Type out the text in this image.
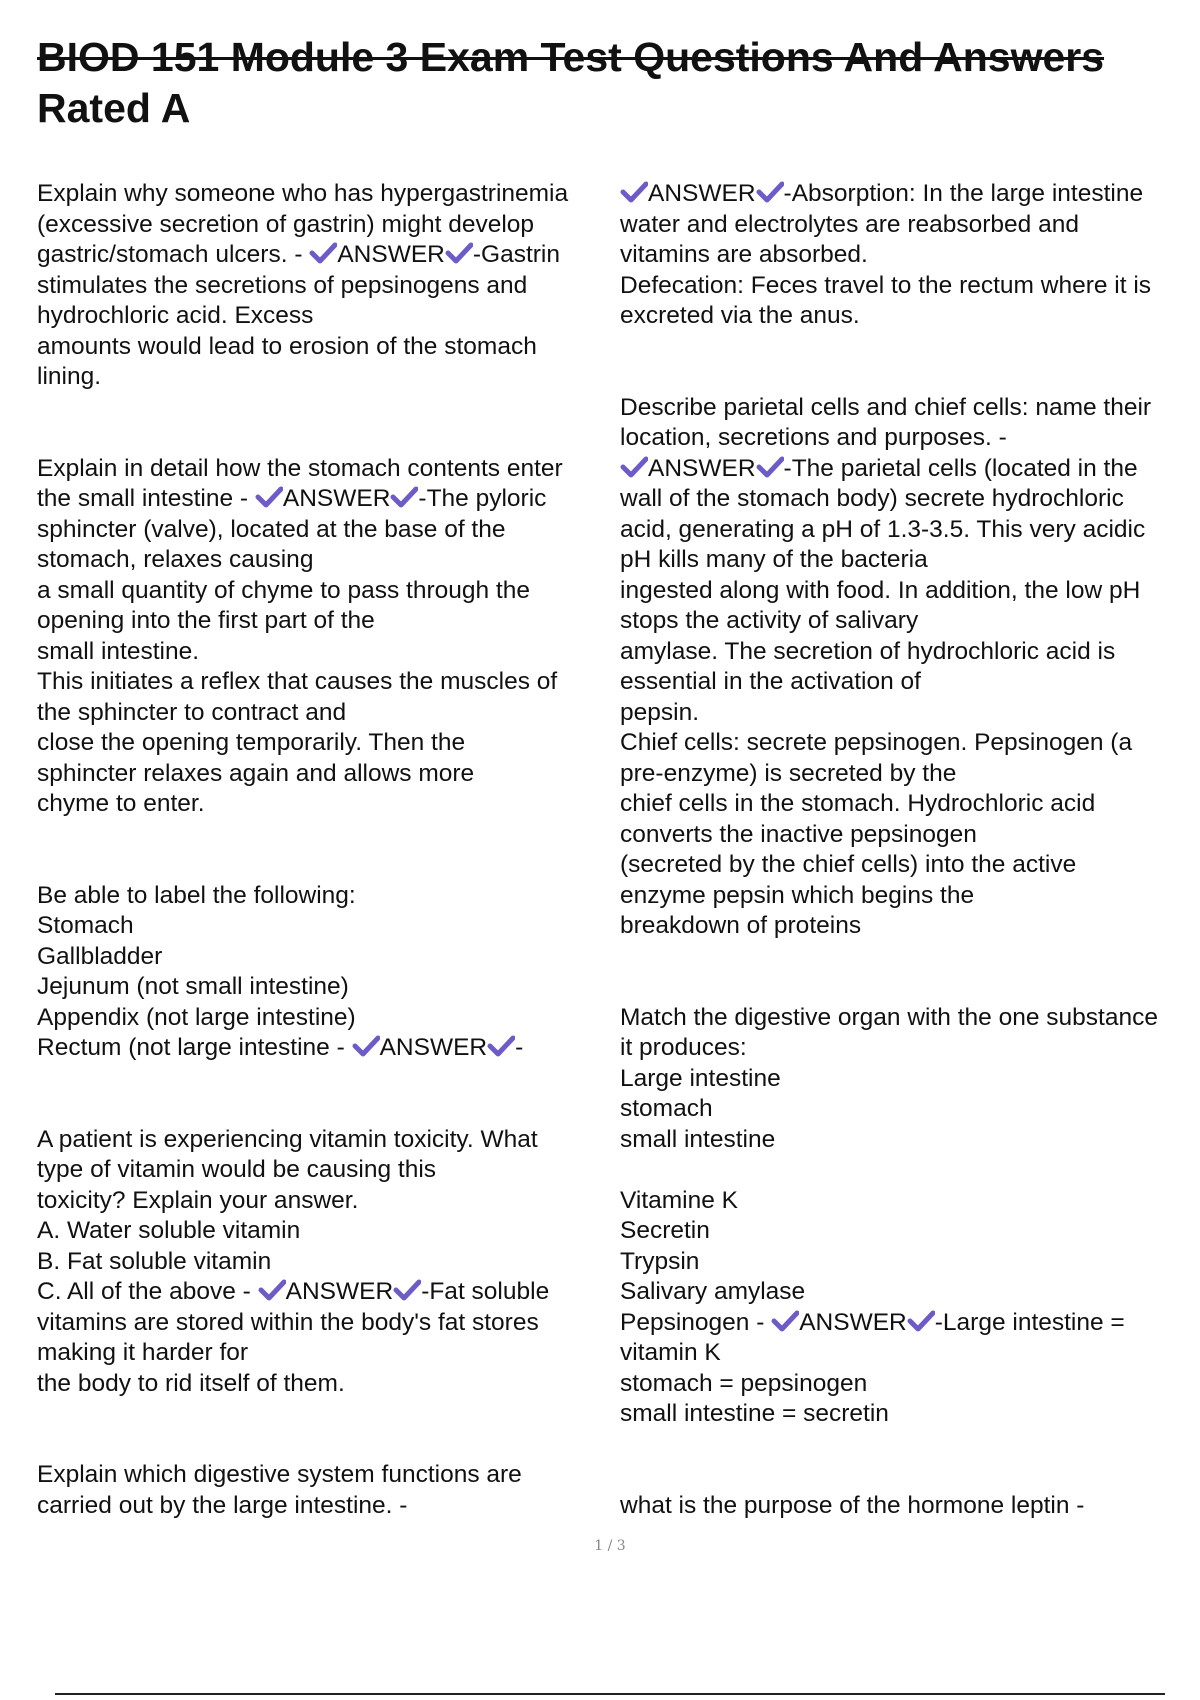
BIOD 151 Module 3 Exam Test Questions And Answers
Rated A
Explain why someone who has hypergastrinemia
(excessive secretion of gastrin) might develop
gastric/stomach ulcers. - ANSWER -Gastrin
stimulates the secretions of pepsinogens and
hydrochloric acid. Excess
amounts would lead to erosion of the stomach
lining.
Explain in detail how the stomach contents enter
the small intestine - ANSWER -The pyloric
sphincter (valve), located at the base of the
stomach, relaxes causing
a small quantity of chyme to pass through the
opening into the first part of the
small intestine.
This initiates a reflex that causes the muscles of
the sphincter to contract and
close the opening temporarily. Then the
sphincter relaxes again and allows more
chyme to enter.
Be able to label the following:
Stomach
Gallbladder
Jejunum (not small intestine)
Appendix (not large intestine)
Rectum (not large intestine - ANSWER -
A patient is experiencing vitamin toxicity. What
type of vitamin would be causing this
toxicity? Explain your answer.
A. Water soluble vitamin
B. Fat soluble vitamin
C. All of the above - ANSWER -Fat soluble
vitamins are stored within the body's fat stores
making it harder for
the body to rid itself of them.
Explain which digestive system functions are
carried out by the large intestine. -
ANSWER -Absorption: In the large intestine
water and electrolytes are reabsorbed and
vitamins are absorbed.
Defecation: Feces travel to the rectum where it is
excreted via the anus.
Describe parietal cells and chief cells: name their
location, secretions and purposes. -
ANSWER -The parietal cells (located in the
wall of the stomach body) secrete hydrochloric
acid, generating a pH of 1.3-3.5. This very acidic
pH kills many of the bacteria
ingested along with food. In addition, the low pH
stops the activity of salivary
amylase. The secretion of hydrochloric acid is
essential in the activation of
pepsin.
Chief cells: secrete pepsinogen. Pepsinogen (a
pre-enzyme) is secreted by the
chief cells in the stomach. Hydrochloric acid
converts the inactive pepsinogen
(secreted by the chief cells) into the active
enzyme pepsin which begins the
breakdown of proteins
Match the digestive organ with the one substance
it produces:
Large intestine
stomach
small intestine
Vitamine K
Secretin
Trypsin
Salivary amylase
Pepsinogen - ANSWER -Large intestine =
vitamin K
stomach = pepsinogen
small intestine = secretin
what is the purpose of the hormone leptin -
1 / 3
